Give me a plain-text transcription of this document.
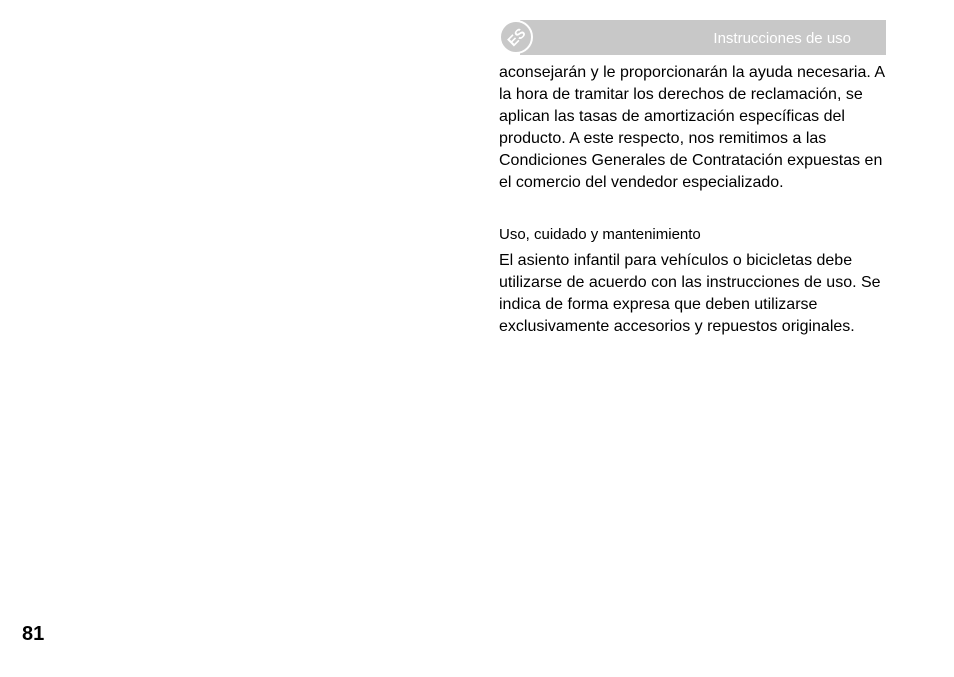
Instrucciones de uso
ES

aconsejarán y le proporcionarán la ayuda necesaria. A la hora de tramitar los derechos de reclamación, se aplican las tasas de amortización específicas del producto. A este respecto, nos remitimos a las Condiciones Generales de Contratación expuestas en el comercio del vendedor especializado.

Uso, cuidado y mantenimiento

El asiento infantil para vehículos o bicicletas debe utilizarse de acuerdo con las instrucciones de uso. Se indica de forma expresa que deben utilizarse exclusivamente accesorios y repuestos originales.

81
